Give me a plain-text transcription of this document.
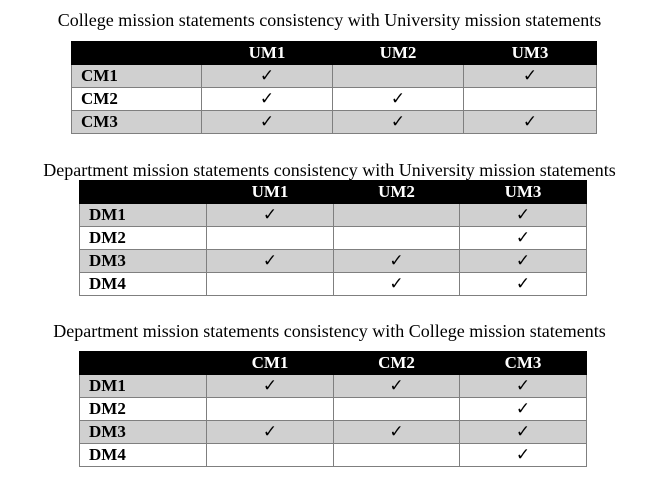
College mission statements consistency with University mission statements
	UM1	UM2	UM3
CM1	✓		✓
CM2	✓	✓	
CM3	✓	✓	✓
Department mission statements consistency with University mission statements
	UM1	UM2	UM3
DM1	✓		✓
DM2			✓
DM3	✓	✓	✓
DM4		✓	✓
Department mission statements consistency with College mission statements
	CM1	CM2	CM3
DM1	✓	✓	✓
DM2			✓
DM3	✓	✓	✓
DM4			✓
